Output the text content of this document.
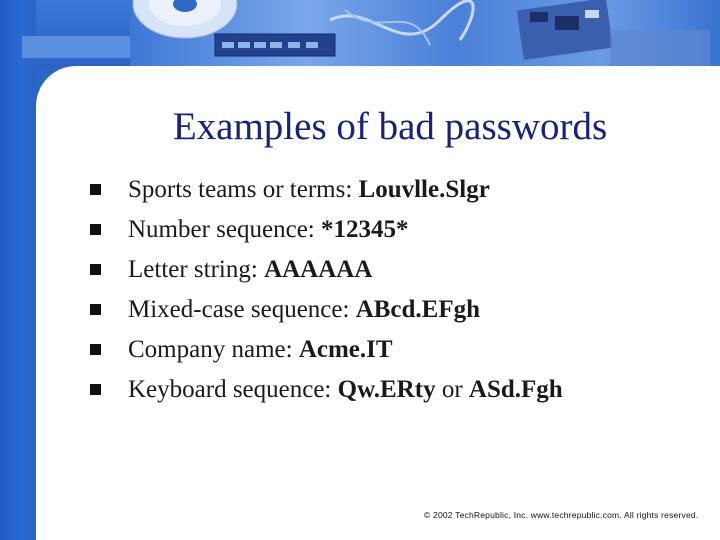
Examples of bad passwords
Sports teams or terms: Louvlle.Slgr
Number sequence: *12345*
Letter string: AAAAAA
Mixed-case sequence: ABcd.EFgh
Company name: Acme.IT
Keyboard sequence: Qw.ERty or ASd.Fgh
© 2002 TechRepublic, Inc. www.techrepublic.com. All rights reserved.
